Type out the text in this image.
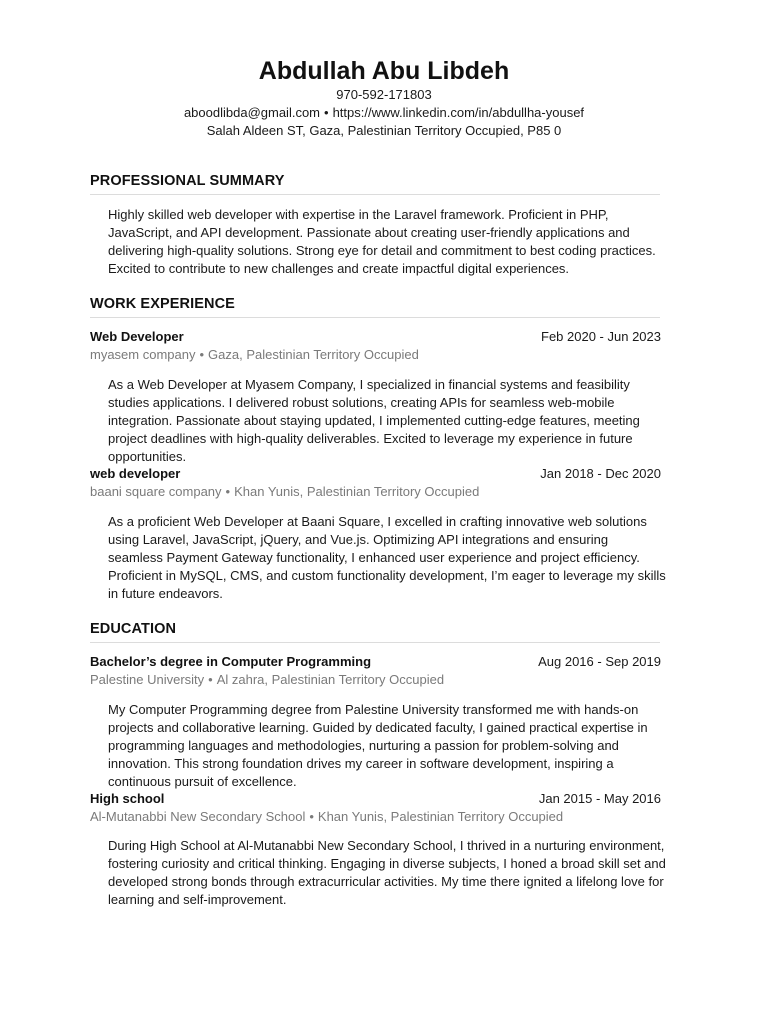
Abdullah Abu Libdeh
970-592-171803
aboodlibda@gmail.com • https://www.linkedin.com/in/abdullha-yousef
Salah Aldeen ST, Gaza, Palestinian Territory Occupied, P85 0
PROFESSIONAL SUMMARY
Highly skilled web developer with expertise in the Laravel framework. Proficient in PHP, JavaScript, and API development. Passionate about creating user-friendly applications and delivering high-quality solutions. Strong eye for detail and commitment to best coding practices. Excited to contribute to new challenges and create impactful digital experiences.
WORK EXPERIENCE
Web Developer	Feb 2020 - Jun 2023
myasem company • Gaza, Palestinian Territory Occupied
As a Web Developer at Myasem Company, I specialized in financial systems and feasibility studies applications. I delivered robust solutions, creating APIs for seamless web-mobile integration. Passionate about staying updated, I implemented cutting-edge features, meeting project deadlines with high-quality deliverables. Excited to leverage my experience in future opportunities.
web developer	Jan 2018 - Dec 2020
baani square company • Khan Yunis, Palestinian Territory Occupied
As a proficient Web Developer at Baani Square, I excelled in crafting innovative web solutions using Laravel, JavaScript, jQuery, and Vue.js. Optimizing API integrations and ensuring seamless Payment Gateway functionality, I enhanced user experience and project efficiency. Proficient in MySQL, CMS, and custom functionality development, I’m eager to leverage my skills in future endeavors.
EDUCATION
Bachelor’s degree in Computer Programming	Aug 2016 - Sep 2019
Palestine University • Al zahra, Palestinian Territory Occupied
My Computer Programming degree from Palestine University transformed me with hands-on projects and collaborative learning. Guided by dedicated faculty, I gained practical expertise in programming languages and methodologies, nurturing a passion for problem-solving and innovation. This strong foundation drives my career in software development, inspiring a continuous pursuit of excellence.
High school	Jan 2015 - May 2016
Al-Mutanabbi New Secondary School • Khan Yunis, Palestinian Territory Occupied
During High School at Al-Mutanabbi New Secondary School, I thrived in a nurturing environment, fostering curiosity and critical thinking. Engaging in diverse subjects, I honed a broad skill set and developed strong bonds through extracurricular activities. My time there ignited a lifelong love for learning and self-improvement.
